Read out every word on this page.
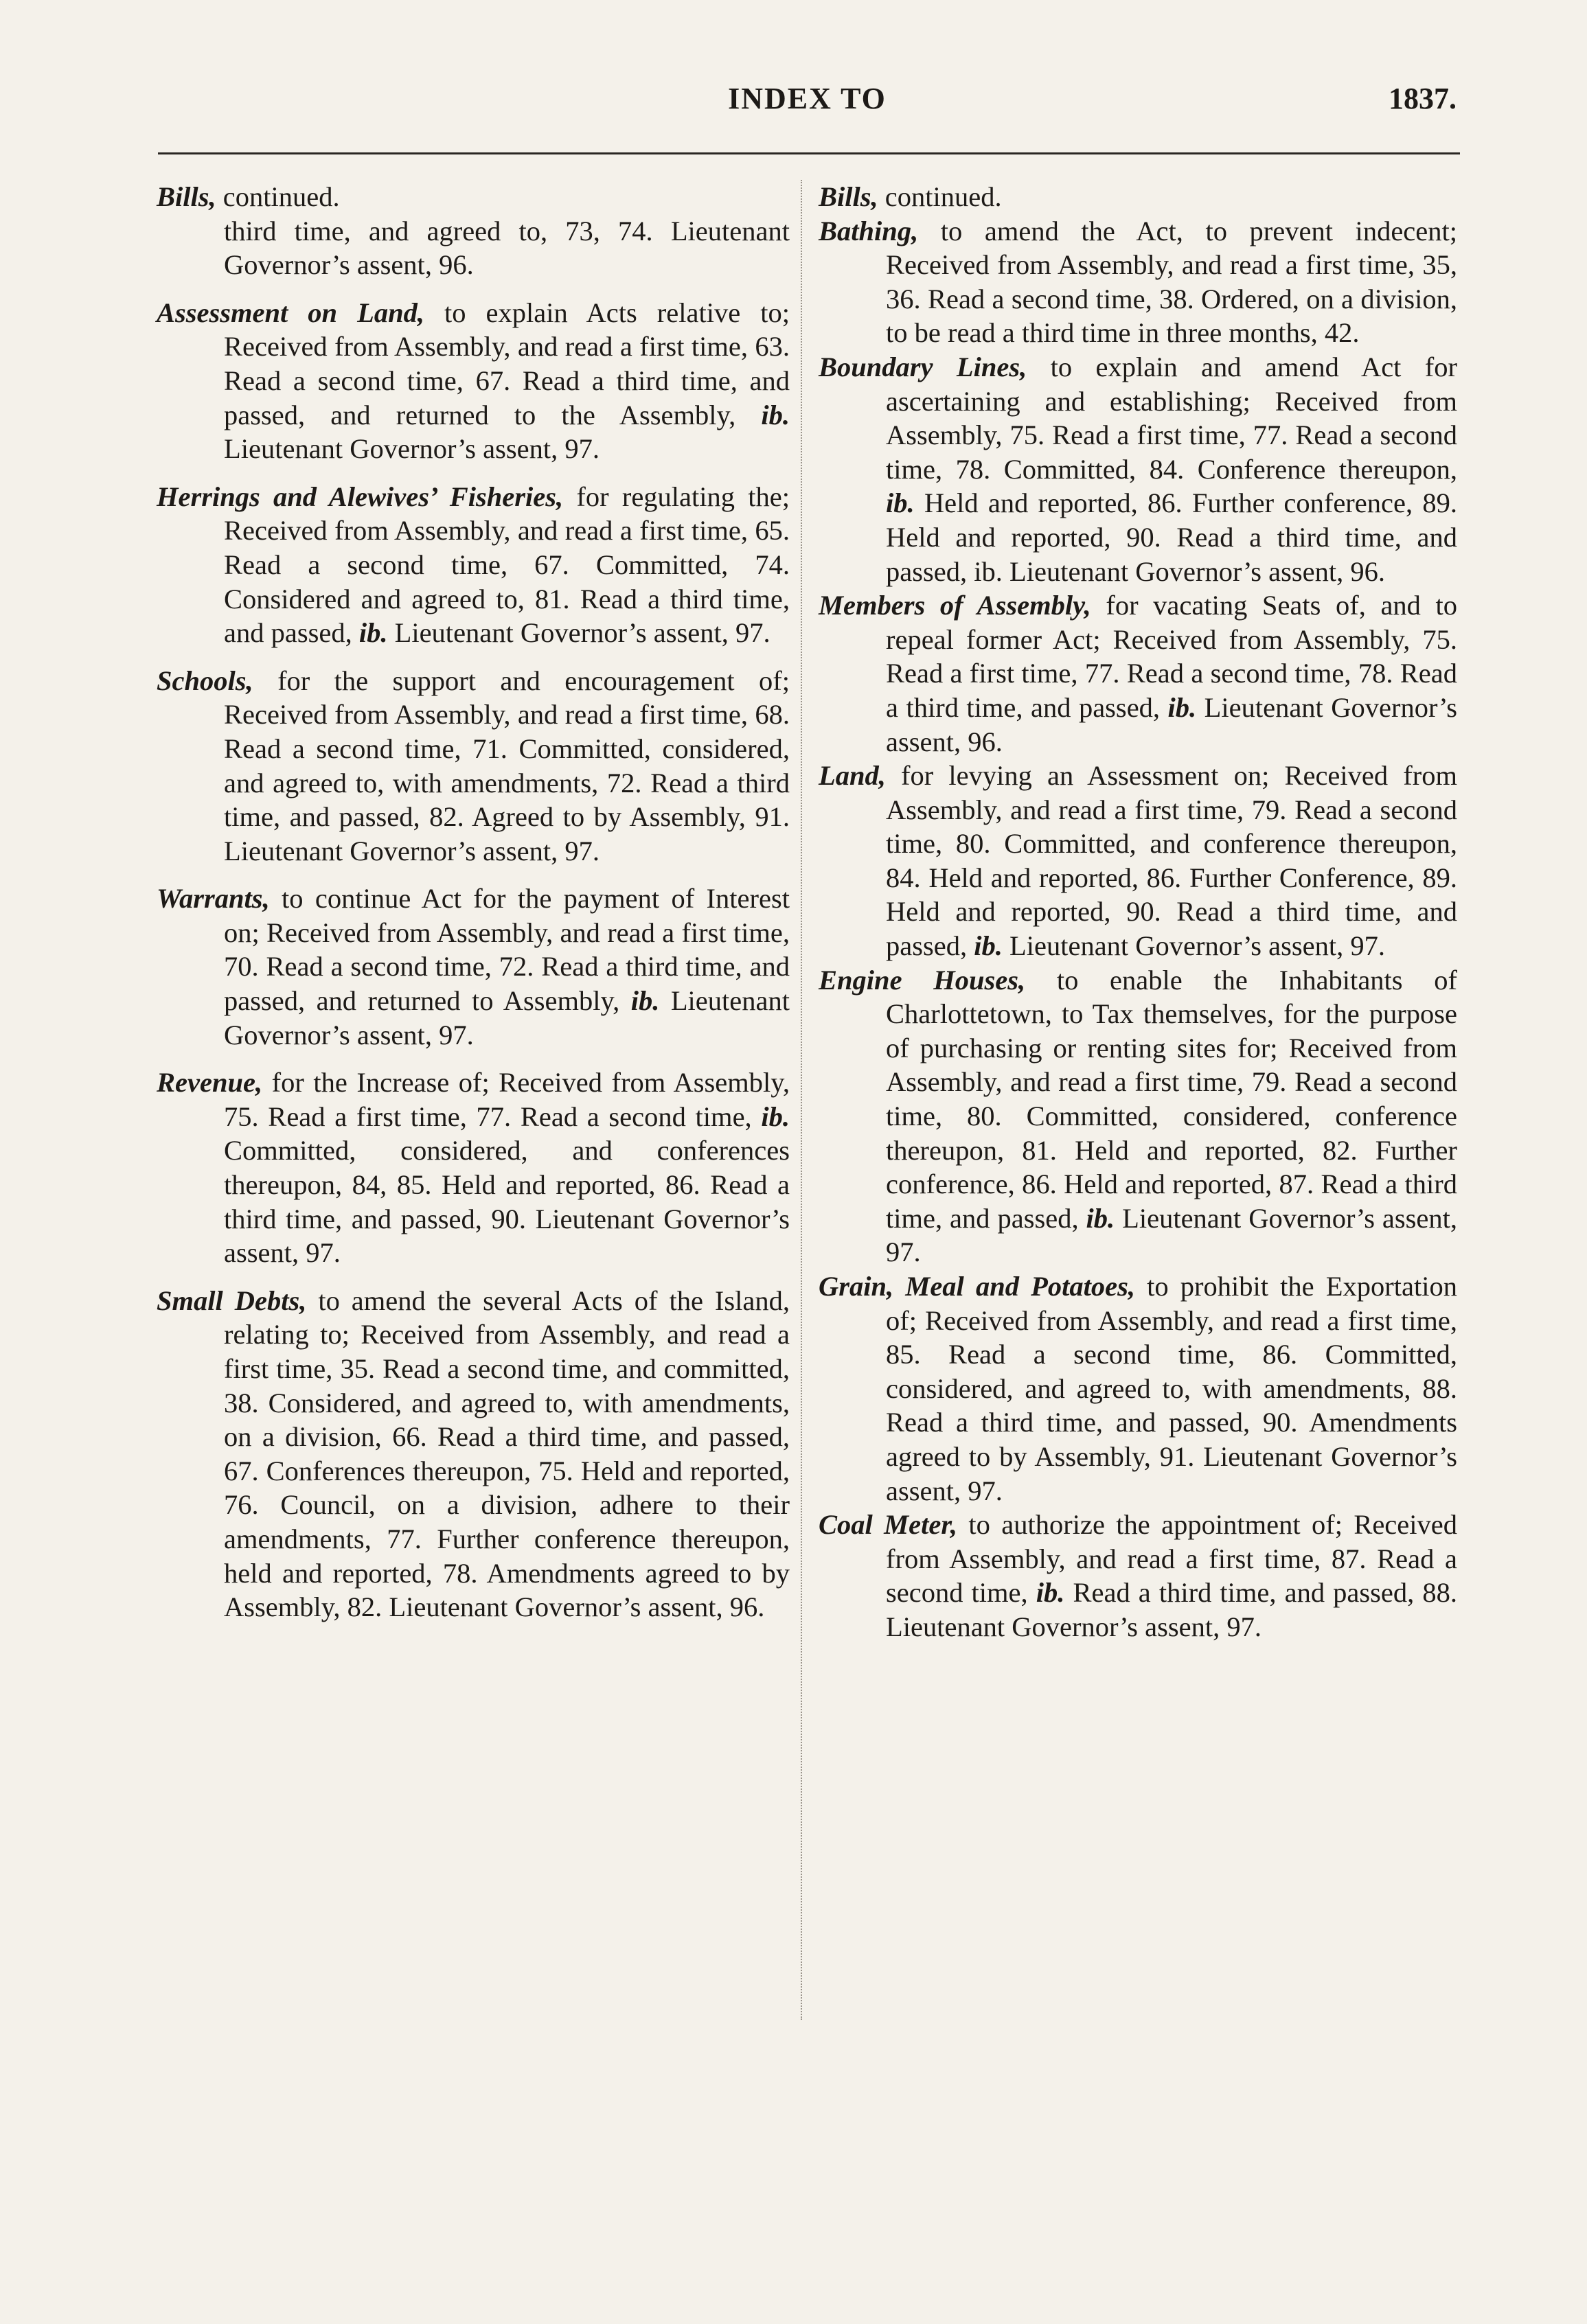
INDEX TO	1837.

Bills, continued.

third time, and agreed to, 73, 74. Lieutenant Governor’s assent, 96.

Assessment on Land, to explain Acts relative to; Received from Assembly, and read a first time, 63. Read a second time, 67. Read a third time, and passed, and returned to the Assembly, ib. Lieutenant Governor’s assent, 97.

Herrings and Alewives’ Fisheries, for regulating the; Received from Assembly, and read a first time, 65. Read a second time, 67. Committed, 74. Considered and agreed to, 81. Read a third time, and passed, ib. Lieutenant Governor’s assent, 97.

Schools, for the support and encouragement of; Received from Assembly, and read a first time, 68. Read a second time, 71. Committed, considered, and agreed to, with amendments, 72. Read a third time, and passed, 82. Agreed to by Assembly, 91. Lieutenant Governor’s assent, 97.

Warrants, to continue Act for the payment of Interest on; Received from Assembly, and read a first time, 70. Read a second time, 72. Read a third time, and passed, and returned to Assembly, ib. Lieutenant Governor’s assent, 97.

Revenue, for the Increase of; Received from Assembly, 75. Read a first time, 77. Read a second time, ib. Committed, considered, and conferences thereupon, 84, 85. Held and reported, 86. Read a third time, and passed, 90. Lieutenant Governor’s assent, 97.

Small Debts, to amend the several Acts of the Island, relating to; Received from Assembly, and read a first time, 35. Read a second time, and committed, 38. Considered, and agreed to, with amendments, on a division, 66. Read a third time, and passed, 67. Conferences thereupon, 75. Held and reported, 76. Council, on a division, adhere to their amendments, 77. Further conference thereupon, held and reported, 78. Amendments agreed to by Assembly, 82. Lieutenant Governor’s assent, 96.

Bills, continued.

Bathing, to amend the Act, to prevent indecent; Received from Assembly, and read a first time, 35, 36. Read a second time, 38. Ordered, on a division, to be read a third time in three months, 42.

Boundary Lines, to explain and amend Act for ascertaining and establishing; Received from Assembly, 75. Read a first time, 77. Read a second time, 78. Committed, 84. Conference thereupon, ib. Held and reported, 86. Further conference, 89. Held and reported, 90. Read a third time, and passed, ib. Lieutenant Governor’s assent, 96.

Members of Assembly, for vacating Seats of, and to repeal former Act; Received from Assembly, 75. Read a first time, 77. Read a second time, 78. Read a third time, and passed, ib. Lieutenant Governor’s assent, 96.

Land, for levying an Assessment on; Received from Assembly, and read a first time, 79. Read a second time, 80. Committed, and conference thereupon, 84. Held and reported, 86. Further Conference, 89. Held and reported, 90. Read a third time, and passed, ib. Lieutenant Governor’s assent, 97.

Engine Houses, to enable the Inhabitants of Charlottetown, to Tax themselves, for the purpose of purchasing or renting sites for; Received from Assembly, and read a first time, 79. Read a second time, 80. Committed, considered, conference thereupon, 81. Held and reported, 82. Further conference, 86. Held and reported, 87. Read a third time, and passed, ib. Lieutenant Governor’s assent, 97.

Grain, Meal and Potatoes, to prohibit the Exportation of; Received from Assembly, and read a first time, 85. Read a second time, 86. Committed, considered, and agreed to, with amendments, 88. Read a third time, and passed, 90. Amendments agreed to by Assembly, 91. Lieutenant Governor’s assent, 97.

Coal Meter, to authorize the appointment of; Received from Assembly, and read a first time, 87. Read a second time, ib. Read a third time, and passed, 88. Lieutenant Governor’s assent, 97.
